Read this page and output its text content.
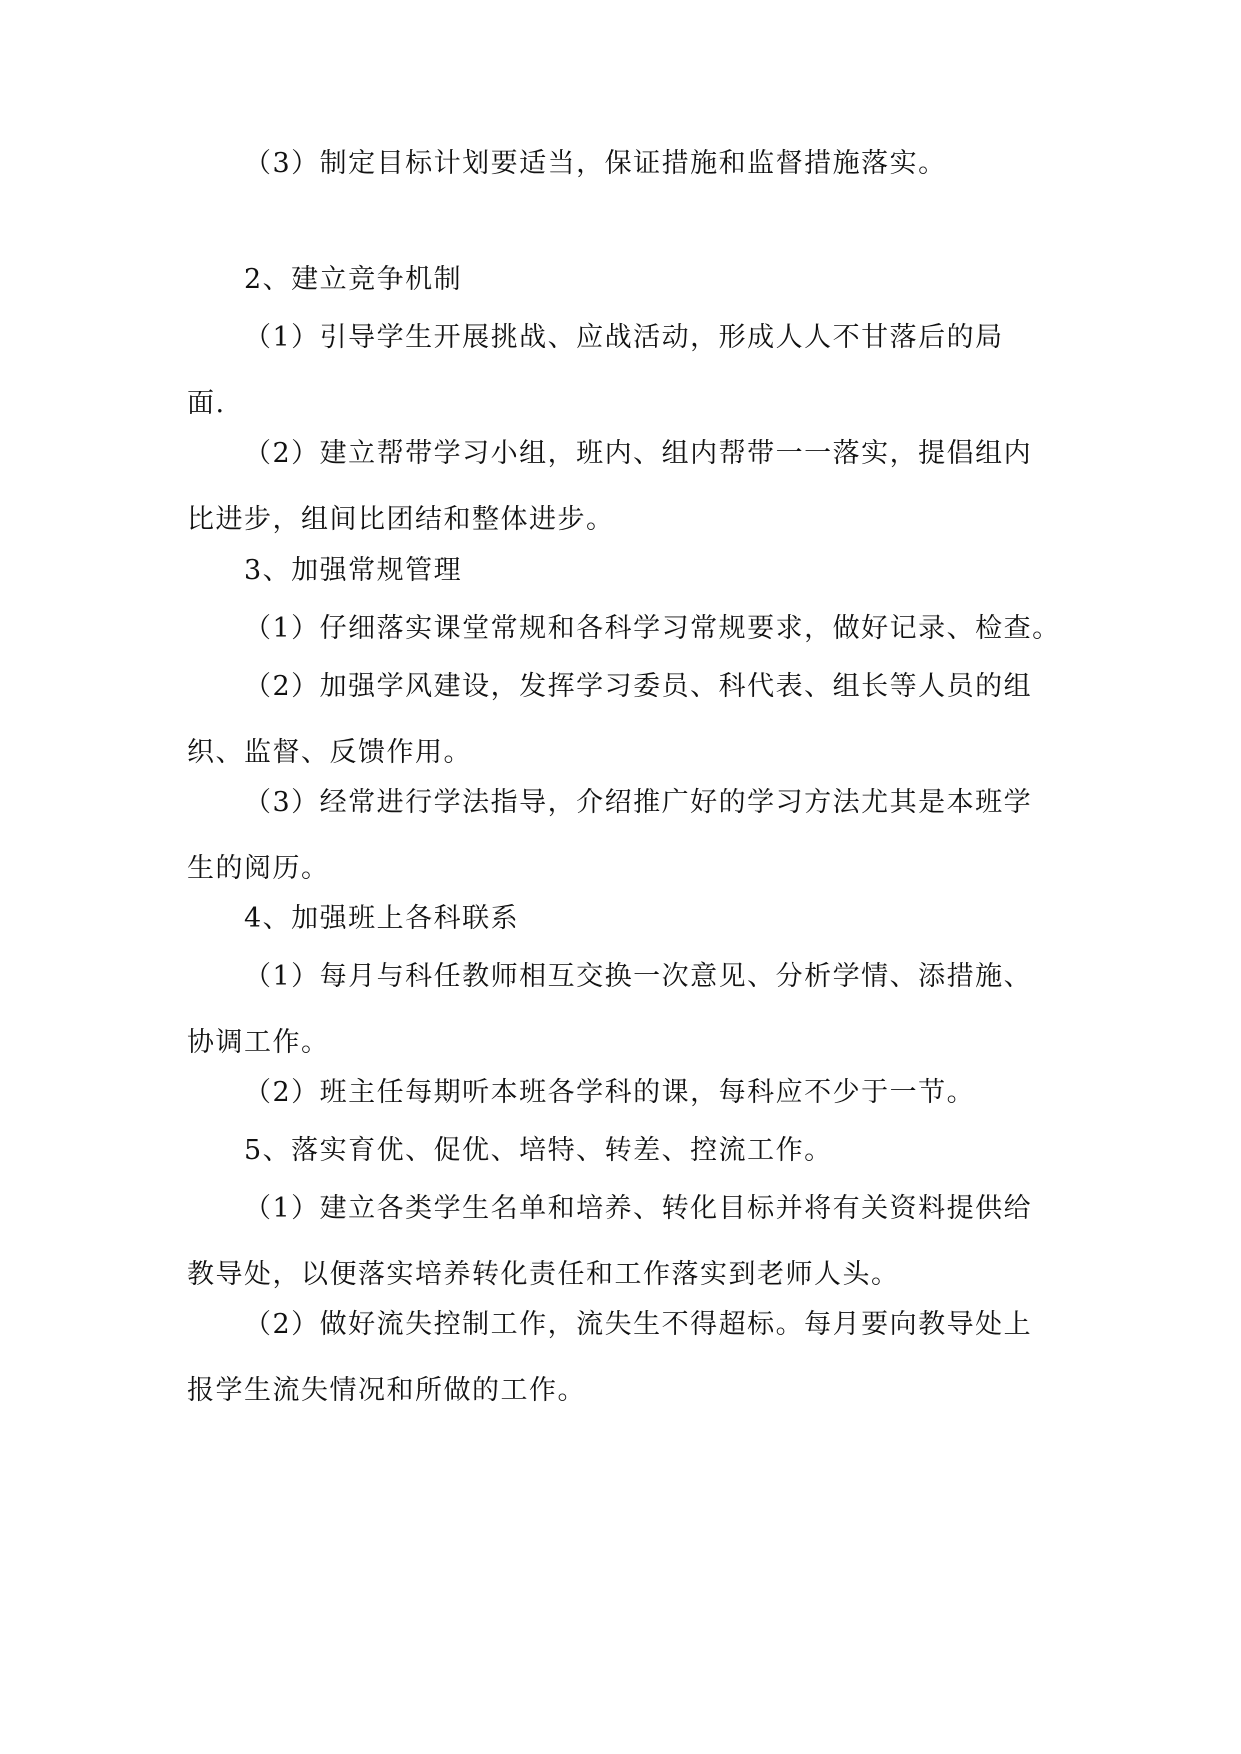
（3）制定目标计划要适当，保证措施和监督措施落实。
2、建立竞争机制
（1）引导学生开展挑战、应战活动，形成人人不甘落后的局
面.
（2）建立帮带学习小组，班内、组内帮带一一落实，提倡组内
比进步，组间比团结和整体进步。
3、加强常规管理
（1）仔细落实课堂常规和各科学习常规要求，做好记录、检查。
（2）加强学风建设，发挥学习委员、科代表、组长等人员的组
织、监督、反馈作用。
（3）经常进行学法指导，介绍推广好的学习方法尤其是本班学
生的阅历。
4、加强班上各科联系
（1）每月与科任教师相互交换一次意见、分析学情、添措施、
协调工作。
（2）班主任每期听本班各学科的课，每科应不少于一节。
5、落实育优、促优、培特、转差、控流工作。
（1）建立各类学生名单和培养、转化目标并将有关资料提供给
教导处，以便落实培养转化责任和工作落实到老师人头。
（2）做好流失控制工作，流失生不得超标。每月要向教导处上
报学生流失情况和所做的工作。
